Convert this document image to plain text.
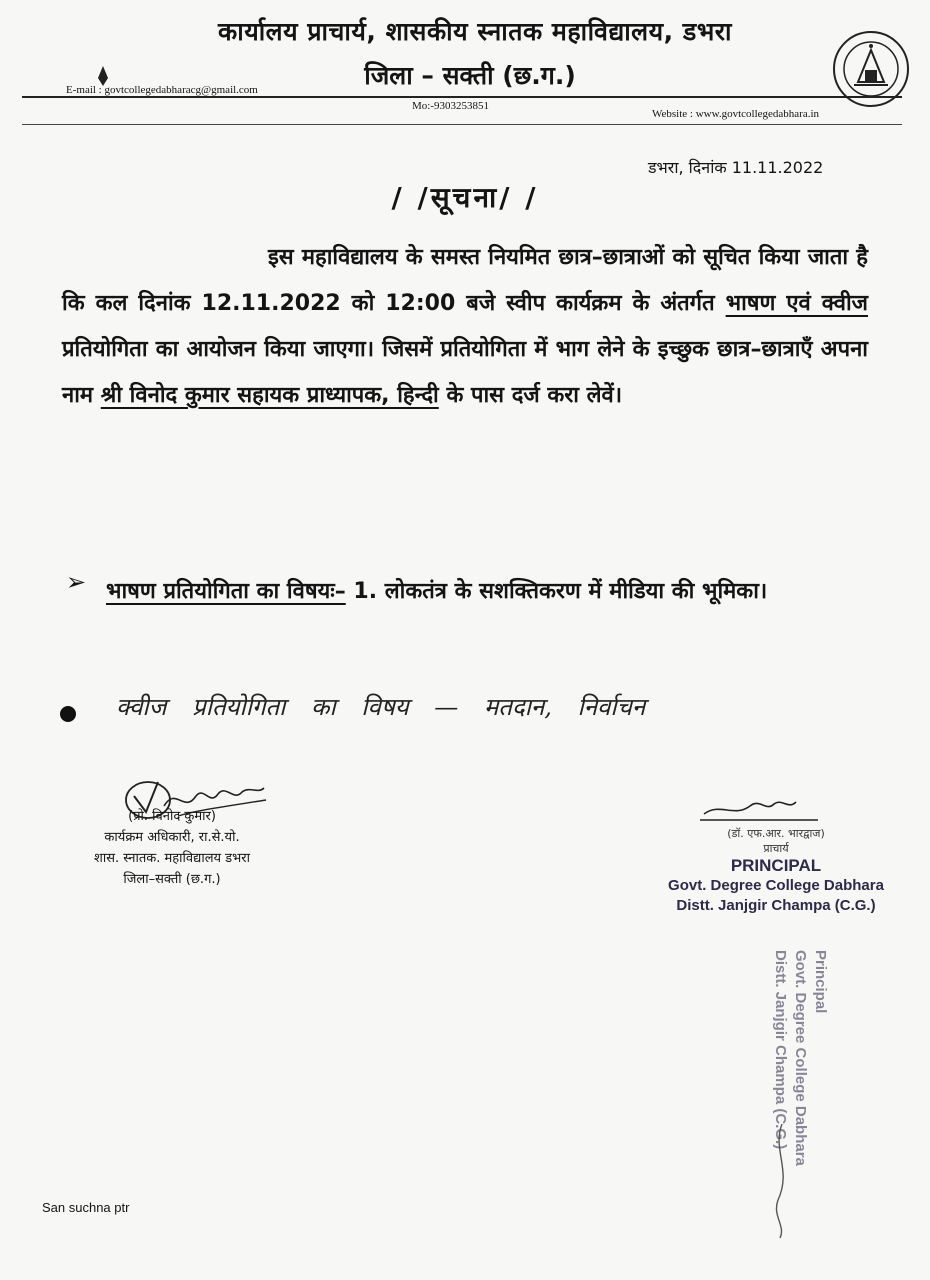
कार्यालय प्राचार्य, शासकीय स्नातक महाविद्यालय, डभरा
जिला – सक्ती (छ.ग.)
E-mail : govtcollegedabharacg@gmail.com
Mo:-9303253851
Website : www.govtcollegedabhara.in
डभरा, दिनांक 11.11.2022
/ /सूचना/ /
इस महाविद्यालय के समस्त नियमित छात्र–छात्राओं को सूचित किया जाता है कि कल दिनांक 12.11.2022 को 12:00 बजे स्वीप कार्यक्रम के अंतर्गत भाषण एवं क्वीज प्रतियोगिता का आयोजन किया जाएगा। जिसमें प्रतियोगिता में भाग लेने के इच्छुक छात्र–छात्राएँ अपना नाम श्री विनोद कुमार सहायक प्राध्यापक, हिन्दी के पास दर्ज करा लेवें।
➢ भाषण प्रतियोगिता का विषयः– 1. लोकतंत्र के सशक्तिकरण में मीडिया की भूमिका।
क्वीज प्रतियोगिता का विषय — मतदान, निर्वाचन
(प्रो. विनोद कुमार)
कार्यक्रम अधिकारी, रा.से.यो.
शास. स्नातक. महाविद्यालय डभरा
जिला–सक्ती (छ.ग.)
(डॉ. एफ.आर. भारद्वाज)
प्राचार्य
PRINCIPAL
Govt. Degree College Dabhara
Distt. Janjgir Champa (C.G.)
Principal
Govt. Degree College Dabhara
Distt. Janjgir Champa (C.G.)
San suchna ptr
